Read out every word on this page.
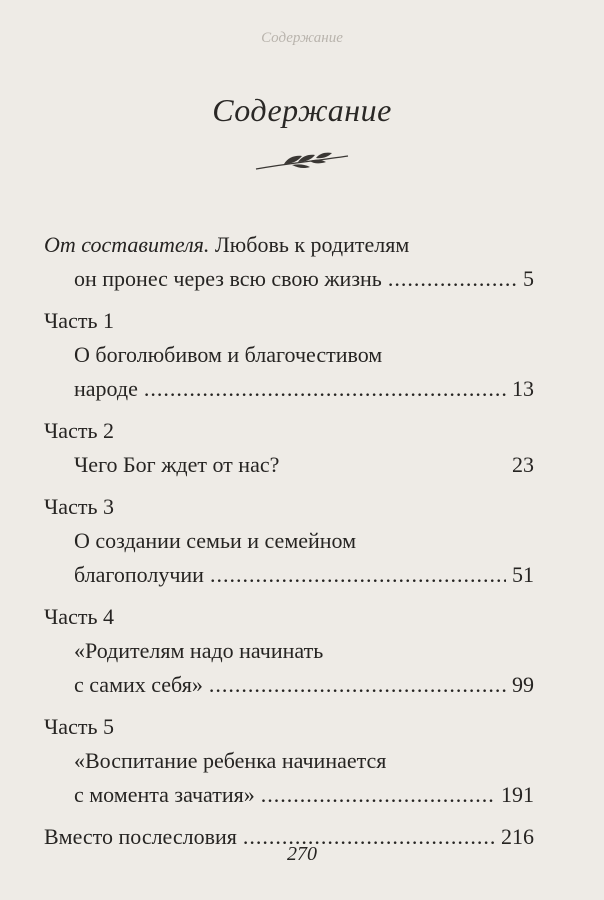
Содержание
Содержание
От составителя. Любовь к родителям
он пронес через всю свою жизнь .....	5
Часть 1
О боголюбивом и благочестивом
народе .....	13
Часть 2
Чего Бог ждет от нас?	23
Часть 3
О создании семьи и семейном
благополучии .....	51
Часть 4
«Родителям надо начинать
с самих себя» .....	99
Часть 5
«Воспитание ребенка начинается
с момента зачатия» .....	191
Вместо послесловия .....	216
270
